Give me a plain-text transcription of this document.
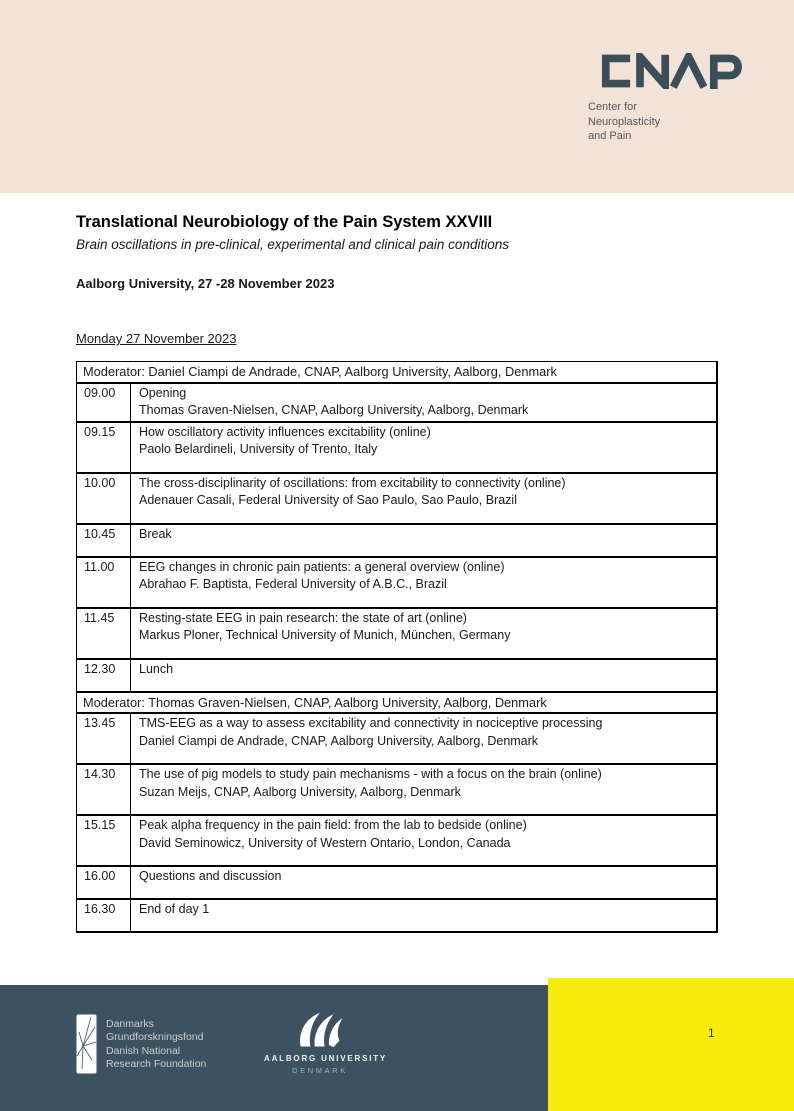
Center for
Neuroplasticity
and Pain
Translational Neurobiology of the Pain System XXVIII
Brain oscillations in pre-clinical, experimental and clinical pain conditions
Aalborg University, 27 -28 November 2023
Monday 27 November 2023
Moderator: Daniel Ciampi de Andrade, CNAP, Aalborg University, Aalborg, Denmark	
09.00	Opening
Thomas Graven-Nielsen, CNAP, Aalborg University, Aalborg, Denmark

09.15	How oscillatory activity influences excitability (online)
Paolo Belardineli, University of Trento, Italy

10.00	The cross-disciplinarity of oscillations: from excitability to connectivity (online)
Adenauer Casali, Federal University of Sao Paulo, Sao Paulo, Brazil

10.45	Break

11.00	EEG changes in chronic pain patients: a general overview (online)
Abrahao F. Baptista, Federal University of A.B.C., Brazil

11.45	Resting-state EEG in pain research: the state of art (online)
Markus Ploner, Technical University of Munich, München, Germany

12.30	Lunch

Moderator: Thomas Graven-Nielsen, CNAP, Aalborg University, Aalborg, Denmark	
13.45	TMS-EEG as a way to assess excitability and connectivity in nociceptive processing
Daniel Ciampi de Andrade, CNAP, Aalborg University, Aalborg, Denmark

14.30	The use of pig models to study pain mechanisms - with a focus on the brain (online)
Suzan Meijs, CNAP, Aalborg University, Aalborg, Denmark

15.15	Peak alpha frequency in the pain field: from the lab to bedside (online)
David Seminowicz, University of Western Ontario, London, Canada

16.00	Questions and discussion

16.30	End of day 1
1
Danmarks
Grundforskningsfond
Danish National
Research Foundation	AALBORG UNIVERSITY
DENMARK
